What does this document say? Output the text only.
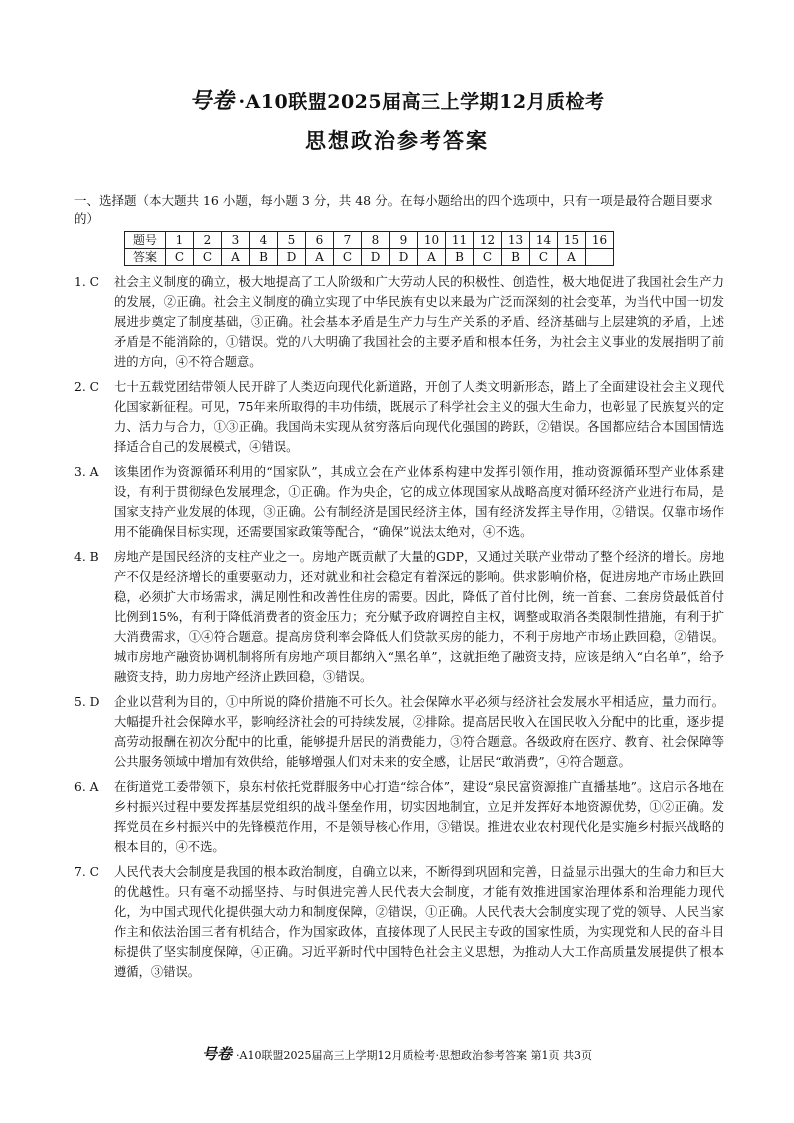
号卷 ·A10联盟2025届高三上学期12月质检考
思想政治参考答案
一、选择题（本大题共 16 小题，每小题 3 分，共 48 分。在每小题给出的四个选项中，只有一项是最符合题目要求的）
题号	1	2	3	4	5	6	7	8	9	10	11	12	13	14	15	16
答案	C	C	A	B	D	A	C	D	D	A	B	C	B	C	A	
1. C	社会主义制度的确立，极大地提高了工人阶级和广大劳动人民的积极性、创造性，极大地促进了我国社会生产力的发展，②正确。社会主义制度的确立实现了中华民族有史以来最为广泛而深刻的社会变革，为当代中国一切发展进步奠定了制度基础，③正确。社会基本矛盾是生产力与生产关系的矛盾、经济基础与上层建筑的矛盾，上述矛盾是不能消除的，①错误。党的八大明确了我国社会的主要矛盾和根本任务，为社会主义事业的发展指明了前进的方向，④不符合题意。
2. C	七十五载党团结带领人民开辟了人类迈向现代化新道路，开创了人类文明新形态，踏上了全面建设社会主义现代化国家新征程。可见，75年来所取得的丰功伟绩，既展示了科学社会主义的强大生命力，也彰显了民族复兴的定力、活力与合力，①③正确。我国尚未实现从贫穷落后向现代化强国的跨跃，②错误。各国都应结合本国国情选择适合自己的发展模式，④错误。
3. A	该集团作为资源循环利用的“国家队”，其成立会在产业体系构建中发挥引领作用，推动资源循环型产业体系建设，有利于贯彻绿色发展理念，①正确。作为央企，它的成立体现国家从战略高度对循环经济产业进行布局，是国家支持产业发展的体现，③正确。公有制经济是国民经济主体，国有经济发挥主导作用，②错误。仅靠市场作用不能确保目标实现，还需要国家政策等配合，“确保”说法太绝对，④不选。
4. B	房地产是国民经济的支柱产业之一。房地产既贡献了大量的GDP，又通过关联产业带动了整个经济的增长。房地产不仅是经济增长的重要驱动力，还对就业和社会稳定有着深远的影响。供求影响价格，促进房地产市场止跌回稳，必须扩大市场需求，满足刚性和改善性住房的需要。因此，降低了首付比例，统一首套、二套房贷最低首付比例到15%，有利于降低消费者的资金压力；充分赋予政府调控自主权，调整或取消各类限制性措施，有利于扩大消费需求，①④符合题意。提高房贷利率会降低人们贷款买房的能力，不利于房地产市场止跌回稳，②错误。城市房地产融资协调机制将所有房地产项目都纳入“黑名单”，这就拒绝了融资支持，应该是纳入“白名单”，给予融资支持，助力房地产经济止跌回稳，③错误。
5. D	企业以营利为目的，①中所说的降价措施不可长久。社会保障水平必须与经济社会发展水平相适应，量力而行。大幅提升社会保障水平，影响经济社会的可持续发展，②排除。提高居民收入在国民收入分配中的比重，逐步提高劳动报酬在初次分配中的比重，能够提升居民的消费能力，③符合题意。各级政府在医疗、教育、社会保障等公共服务领域中增加有效供给，能够增强人们对未来的安全感，让居民“敢消费”，④符合题意。
6. A	在街道党工委带领下，泉东村依托党群服务中心打造“综合体”，建设“泉民富资源推广直播基地”。这启示各地在乡村振兴过程中要发挥基层党组织的战斗堡垒作用，切实因地制宜，立足并发挥好本地资源优势，①②正确。发挥党员在乡村振兴中的先锋模范作用，不是领导核心作用，③错误。推进农业农村现代化是实施乡村振兴战略的根本目的，④不选。
7. C	人民代表大会制度是我国的根本政治制度，自确立以来，不断得到巩固和完善，日益显示出强大的生命力和巨大的优越性。只有毫不动摇坚持、与时俱进完善人民代表大会制度，才能有效推进国家治理体系和治理能力现代化，为中国式现代化提供强大动力和制度保障，②错误，①正确。人民代表大会制度实现了党的领导、人民当家作主和依法治国三者有机结合，作为国家政体，直接体现了人民民主专政的国家性质，为实现党和人民的奋斗目标提供了坚实制度保障，④正确。习近平新时代中国特色社会主义思想，为推动人大工作高质量发展提供了根本遵循，③错误。
号卷 ·A10联盟2025届高三上学期12月质检考·思想政治参考答案 第1页 共3页
